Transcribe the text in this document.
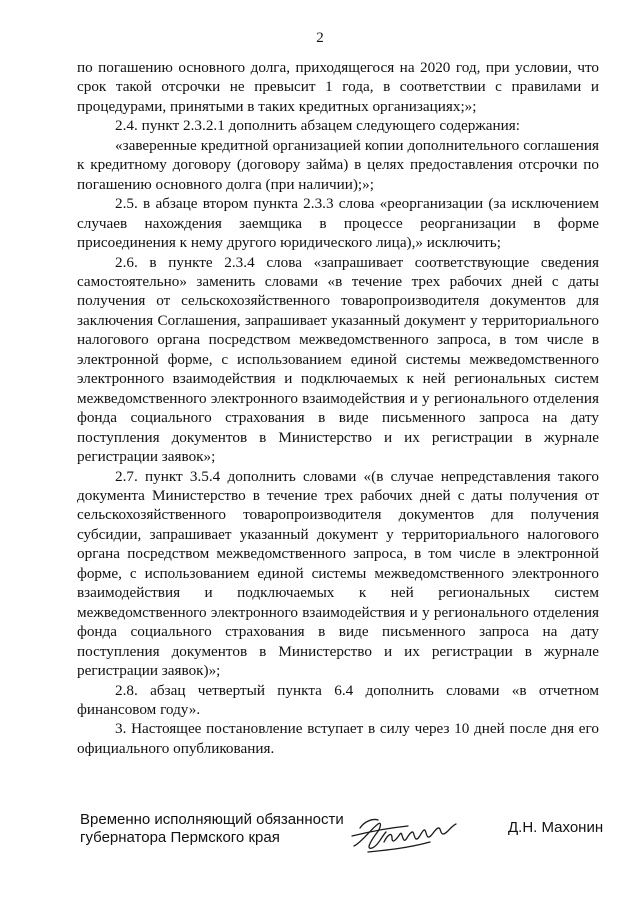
2

по погашению основного долга, приходящегося на 2020 год, при условии, что срок такой отсрочки не превысит 1 года, в соответствии с правилами и процедурами, принятыми в таких кредитных организациях;»;

2.4. пункт 2.3.2.1 дополнить абзацем следующего содержания:

«заверенные кредитной организацией копии дополнительного соглашения к кредитному договору (договору займа) в целях предоставления отсрочки по погашению основного долга (при наличии);»;

2.5. в абзаце втором пункта 2.3.3 слова «реорганизации (за исключением случаев нахождения заемщика в процессе реорганизации в форме присоединения к нему другого юридического лица),» исключить;

2.6. в пункте 2.3.4 слова «запрашивает соответствующие сведения самостоятельно» заменить словами «в течение трех рабочих дней с даты получения от сельскохозяйственного товаропроизводителя документов для заключения Соглашения, запрашивает указанный документ у территориального налогового органа посредством межведомственного запроса, в том числе в электронной форме, с использованием единой системы межведомственного электронного взаимодействия и подключаемых к ней региональных систем межведомственного электронного взаимодействия и у регионального отделения фонда социального страхования в виде письменного запроса на дату поступления документов в Министерство и их регистрации в журнале регистрации заявок»;

2.7. пункт 3.5.4 дополнить словами «(в случае непредставления такого документа Министерство в течение трех рабочих дней с даты получения от сельскохозяйственного товаропроизводителя документов для получения субсидии, запрашивает указанный документ у территориального налогового органа посредством межведомственного запроса, в том числе в электронной форме, с использованием единой системы межведомственного электронного взаимодействия и подключаемых к ней региональных систем межведомственного электронного взаимодействия и у регионального отделения фонда социального страхования в виде письменного запроса на дату поступления документов в Министерство и их регистрации в журнале регистрации заявок)»;

2.8. абзац четвертый пункта 6.4 дополнить словами «в отчетном финансовом году».

3. Настоящее постановление вступает в силу через 10 дней после дня его официального опубликования.

Временно исполняющий обязанности
губернатора Пермского края
Д.Н. Махонин
